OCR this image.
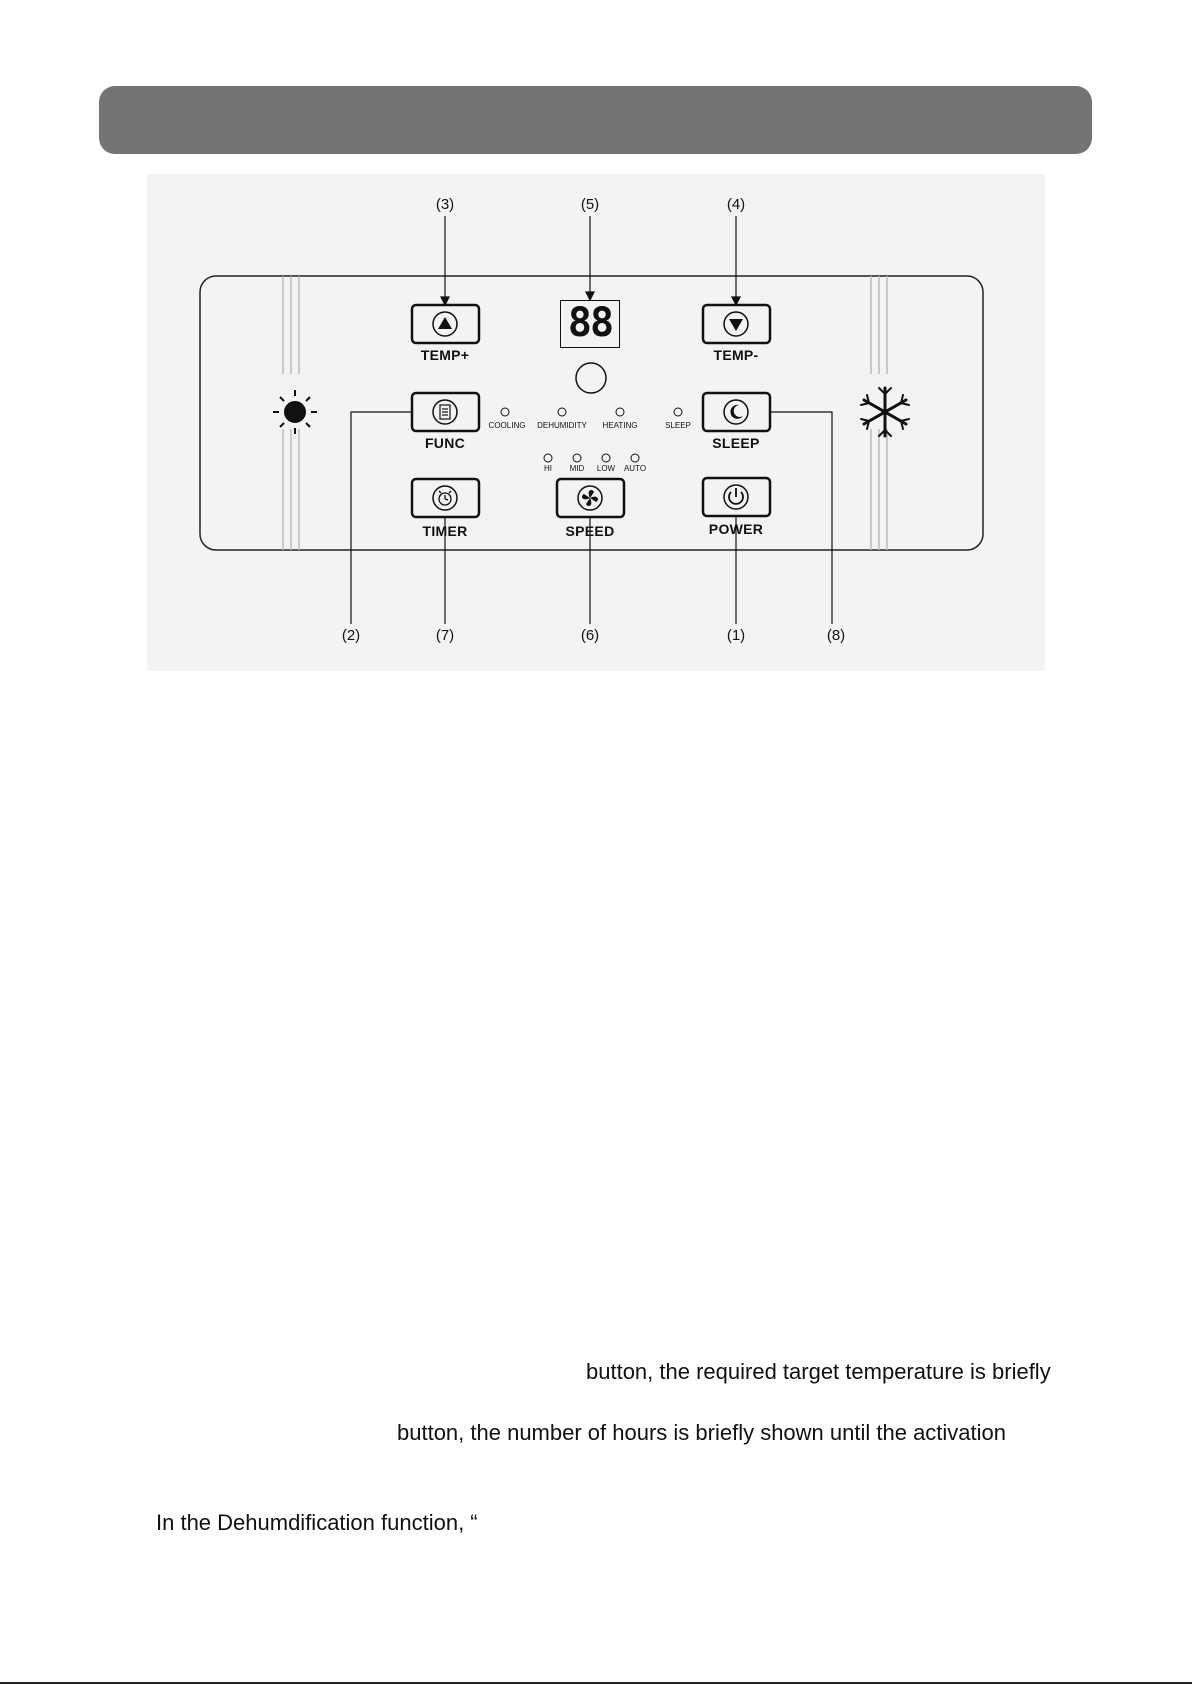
(3)	(5)	(4)
(2)	(7)	(6)	(1)	(8)
88
TEMP+	TEMP-
FUNC	SLEEP
TIMER	SPEED	POWER
COOLING DEHUMIDITY HEATING	SLEEP
HI MID LOW AUTO
button, the required target temperature is briefly
button, the number of hours is briefly shown until the activation
In the Dehumdification function, “
